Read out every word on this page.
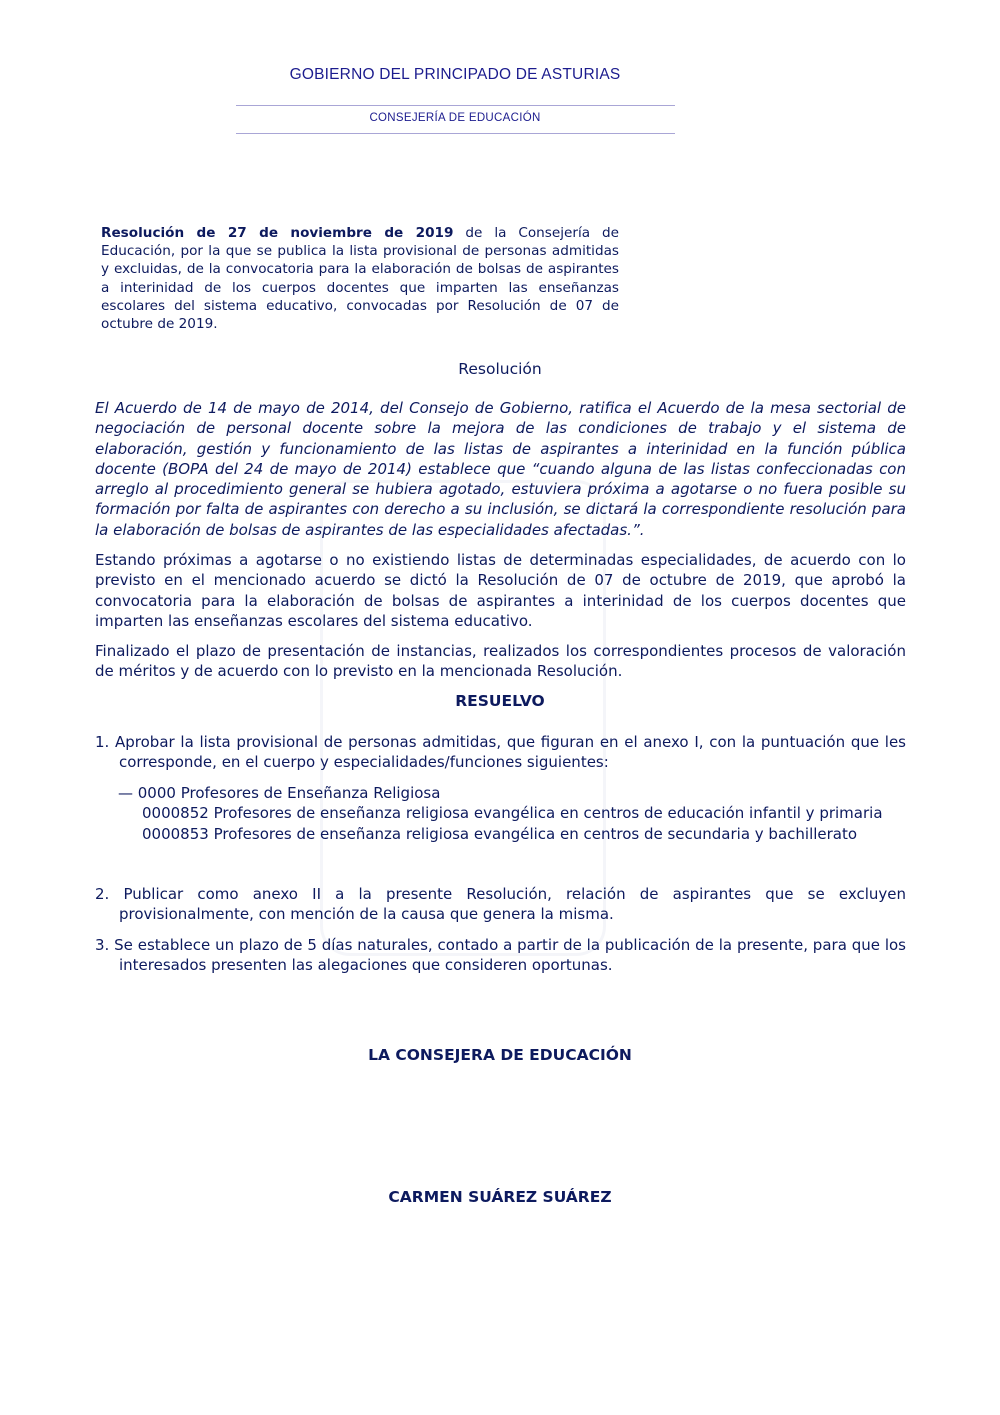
GOBIERNO DEL PRINCIPADO DE ASTURIAS
CONSEJERÍA DE EDUCACIÓN
Resolución de 27 de noviembre de 2019 de la Consejería de Educación, por la que se publica la lista provisional de personas admitidas y excluidas, de la convocatoria para la elaboración de bolsas de aspirantes a interinidad de los cuerpos docentes que imparten las enseñanzas escolares del sistema educativo, convocadas por Resolución de 07 de octubre de 2019.
Resolución

El Acuerdo de 14 de mayo de 2014, del Consejo de Gobierno, ratifica el Acuerdo de la mesa sectorial de negociación de personal docente sobre la mejora de las condiciones de trabajo y el sistema de elaboración, gestión y funcionamiento de las listas de aspirantes a interinidad en la función pública docente (BOPA del 24 de mayo de 2014) establece que “cuando alguna de las listas confeccionadas con arreglo al procedimiento general se hubiera agotado, estuviera próxima a agotarse o no fuera posible su formación por falta de aspirantes con derecho a su inclusión, se dictará la correspondiente resolución para la elaboración de bolsas de aspirantes de las especialidades afectadas.”.

Estando próximas a agotarse o no existiendo listas de determinadas especialidades, de acuerdo con lo previsto en el mencionado acuerdo se dictó la Resolución de 07 de octubre de 2019, que aprobó la convocatoria para la elaboración de bolsas de aspirantes a interinidad de los cuerpos docentes que imparten las enseñanzas escolares del sistema educativo.

Finalizado el plazo de presentación de instancias, realizados los correspondientes procesos de valoración de méritos y de acuerdo con lo previsto en la mencionada Resolución.

RESUELVO
1. Aprobar la lista provisional de personas admitidas, que figuran en el anexo I, con la puntuación que les corresponde, en el cuerpo y especialidades/funciones siguientes:
— 0000 Profesores de Enseñanza Religiosa
0000852 Profesores de enseñanza religiosa evangélica en centros de educación infantil y primaria
0000853 Profesores de enseñanza religiosa evangélica en centros de secundaria y bachillerato
2. Publicar como anexo II a la presente Resolución, relación de aspirantes que se excluyen provisionalmente, con mención de la causa que genera la misma.
3. Se establece un plazo de 5 días naturales, contado a partir de la publicación de la presente, para que los interesados presenten las alegaciones que consideren oportunas.
LA CONSEJERA DE EDUCACIÓN
CARMEN SUÁREZ SUÁREZ
